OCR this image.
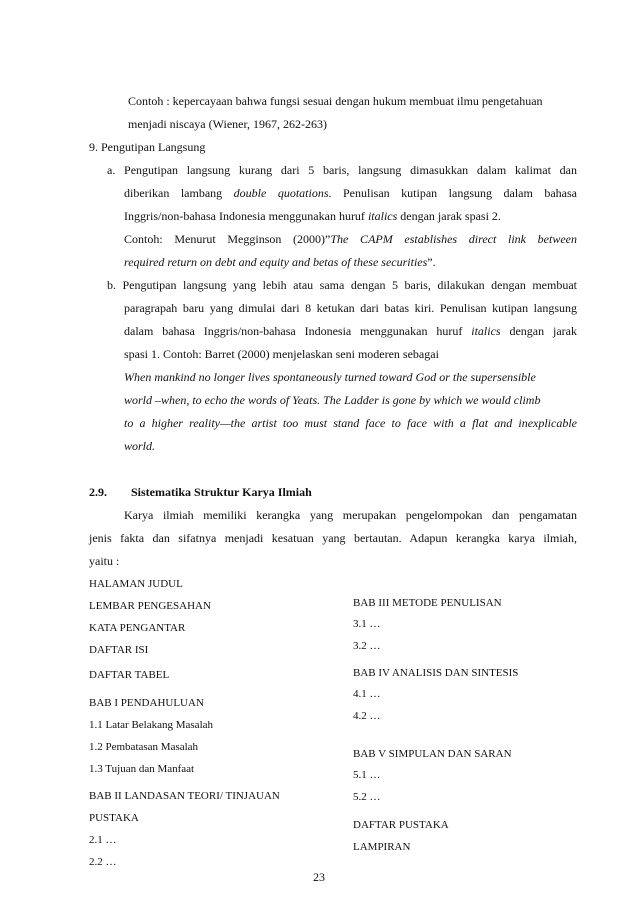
Contoh : kepercayaan bahwa fungsi sesuai dengan hukum membuat ilmu pengetahuan
menjadi niscaya (Wiener, 1967, 262-263)
9. Pengutipan Langsung
a. Pengutipan langsung kurang dari 5 baris, langsung dimasukkan dalam kalimat dan
diberikan lambang double quotations. Penulisan kutipan langsung dalam bahasa
Inggris/non-bahasa Indonesia menggunakan huruf italics dengan jarak spasi 2.
Contoh: Menurut Megginson (2000)”The CAPM establishes direct link between
required return on debt and equity and betas of these securities”.
b. Pengutipan langsung yang lebih atau sama dengan 5 baris, dilakukan dengan membuat
paragrapah baru yang dimulai dari 8 ketukan dari batas kiri. Penulisan kutipan langsung
dalam bahasa Inggris/non-bahasa Indonesia menggunakan huruf italics dengan jarak
spasi 1. Contoh: Barret (2000) menjelaskan seni moderen sebagai
When mankind no longer lives spontaneously turned toward God or the supersensible
world –when, to echo the words of Yeats. The Ladder is gone by which we would climb
to a higher reality—the artist too must stand face to face with a flat and inexplicable
world.
2.9. Sistematika Struktur Karya Ilmiah
Karya ilmiah memiliki kerangka yang merupakan pengelompokan dan pengamatan
jenis fakta dan sifatnya menjadi kesatuan yang bertautan. Adapun kerangka karya ilmiah,
yaitu :
HALAMAN JUDUL
LEMBAR PENGESAHAN
KATA PENGANTAR
DAFTAR ISI
DAFTAR TABEL
BAB I PENDAHULUAN
1.1 Latar Belakang Masalah
1.2 Pembatasan Masalah
1.3 Tujuan dan Manfaat
BAB II LANDASAN TEORI/ TINJAUAN
PUSTAKA
2.1 …
2.2 …
BAB III METODE PENULISAN
3.1 …
3.2 …
BAB IV ANALISIS DAN SINTESIS
4.1 …
4.2 …
BAB V SIMPULAN DAN SARAN
5.1 …
5.2 …
DAFTAR PUSTAKA
LAMPIRAN
23
